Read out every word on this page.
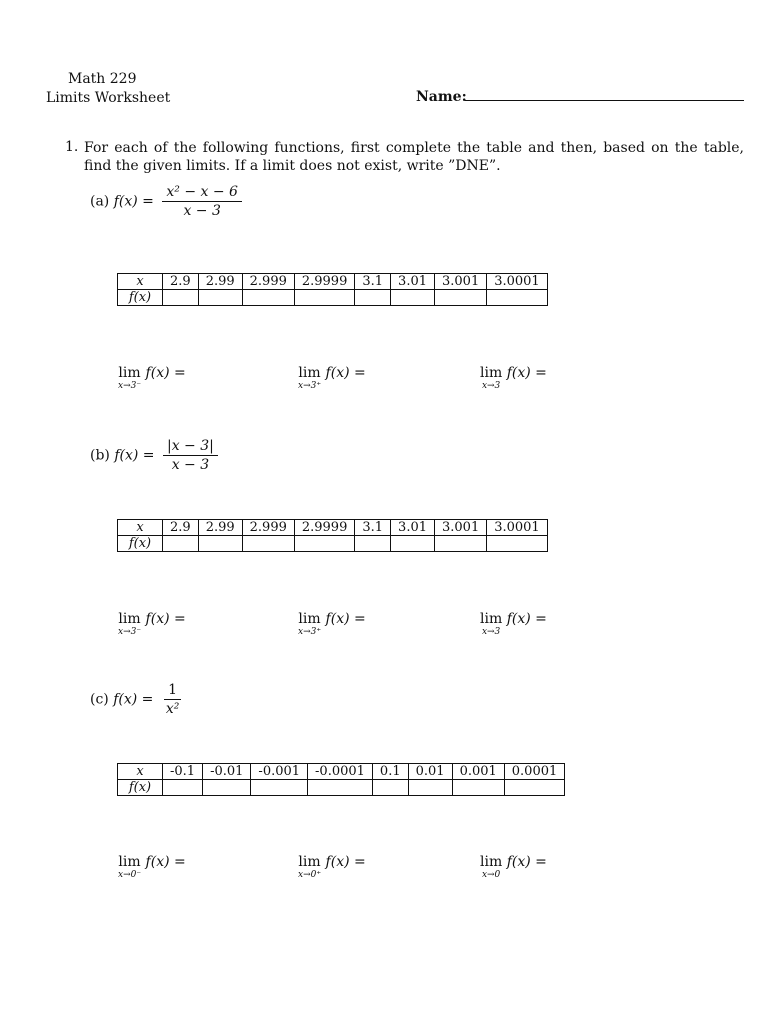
Math 229
Limits Worksheet	Name:
1. For each of the following functions, first complete the table and then, based on the table, find the given limits. If a limit does not exist, write ”DNE”.
(a) $f(x) = \frac{\text{x² − x − 6}}{x - 3}$
x	2.9	2.99	2.999	2.9999	3.1	3.01	3.001	3.0001
f(x)								
lim
x→3⁻
f(x) =	lim
x→3⁺
f(x) =	lim
x→3
f(x) =
(b) $f(x) = \frac{|x - 3|}{x - 3}$
x	2.9	2.99	2.999	2.9999	3.1	3.01	3.001	3.0001
f(x)								
lim
x→3⁻
f(x) =	lim
x→3⁺
f(x) =	lim
x→3
f(x) =
(c) $f(x) = \frac{1}{\text{x²}}$
x	-0.1	-0.01	-0.001	-0.0001	0.1	0.01	0.001	0.0001
f(x)								
lim
x→0⁻
f(x) =	lim
x→0⁺
f(x) =	lim
x→0
f(x) =
